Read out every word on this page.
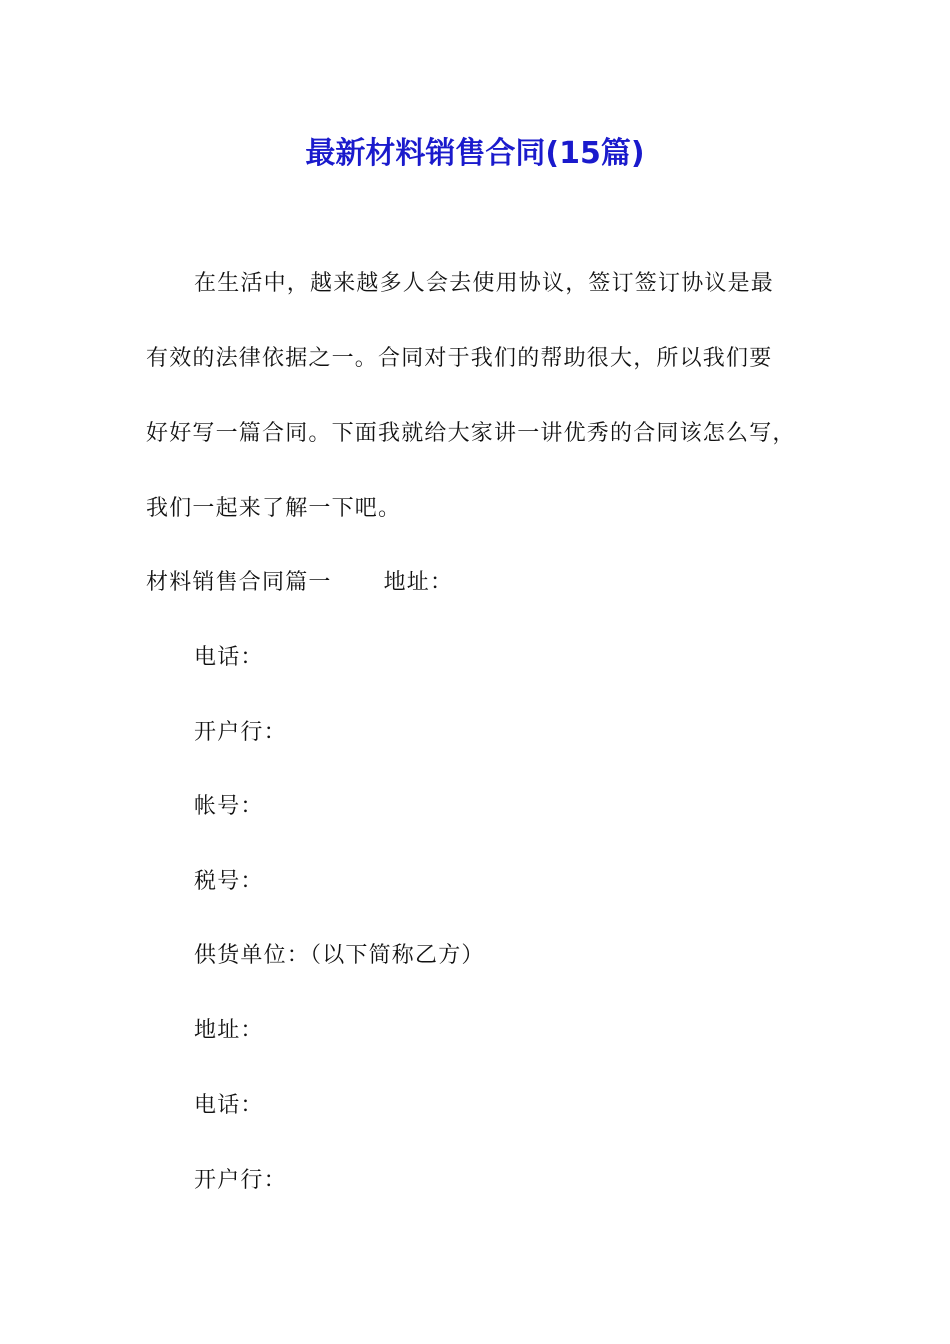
最新材料销售合同(15篇)
在生活中，越来越多人会去使用协议，签订签订协议是最
有效的法律依据之一。合同对于我们的帮助很大，所以我们要
好好写一篇合同。下面我就给大家讲一讲优秀的合同该怎么写，
我们一起来了解一下吧。
材料销售合同篇一 地址：
电话：
开户行：
帐号：
税号：
供货单位：（以下简称乙方）
地址：
电话：
开户行：
